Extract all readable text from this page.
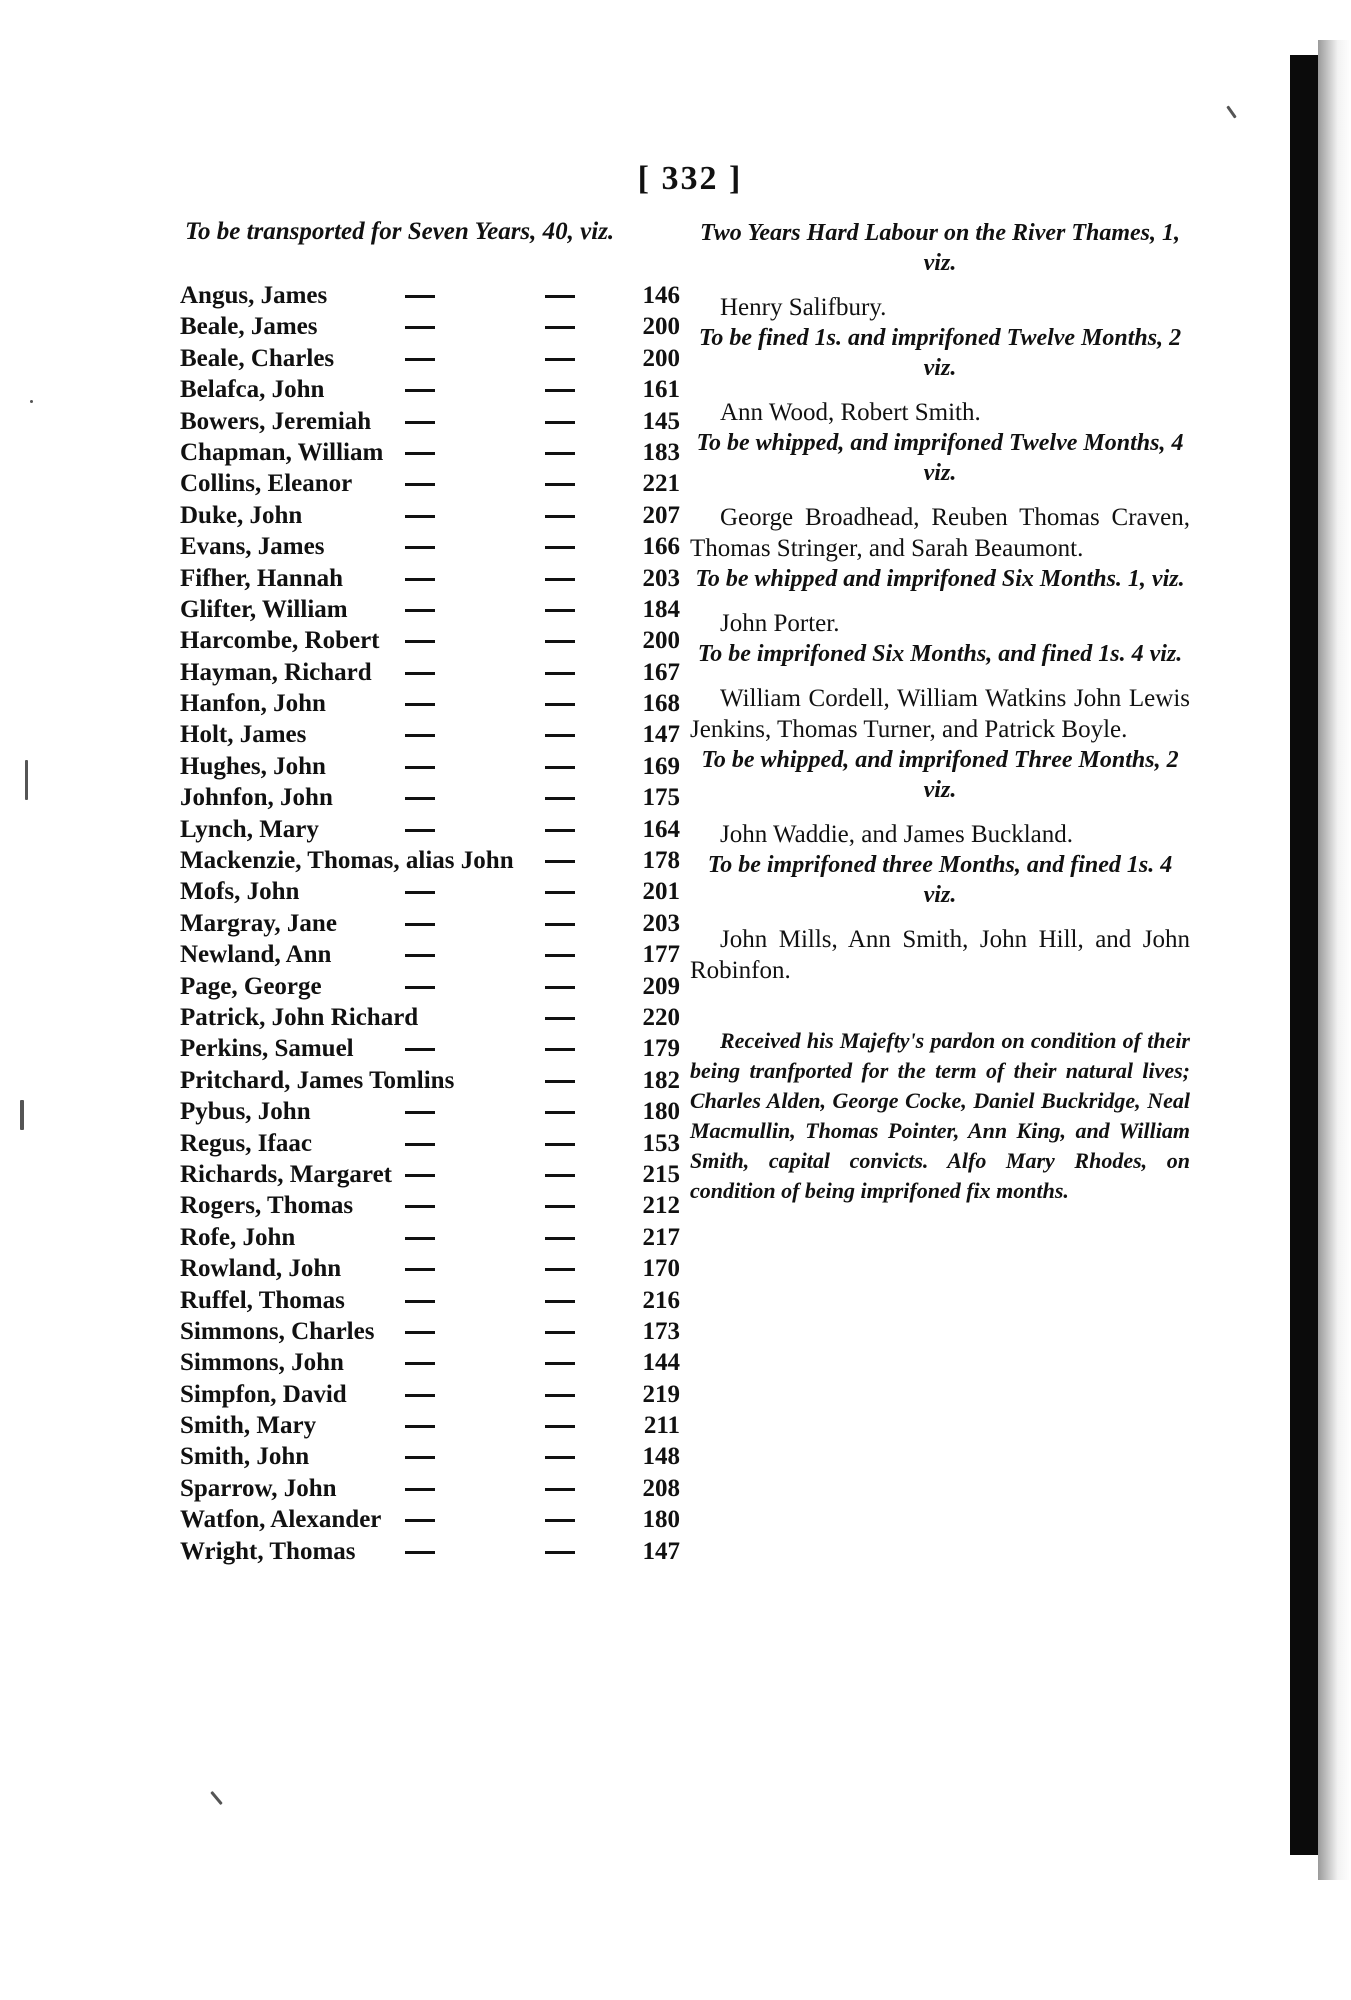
[ 332 ]
To be transported for Seven Years, 40, viz.
Angus, James	146
Beale, James	200
Beale, Charles	200
Belafca, John	161
Bowers, Jeremiah	145
Chapman, William	183
Collins, Eleanor	221
Duke, John	207
Evans, James	166
Fifher, Hannah	203
Glifter, William	184
Harcombe, Robert	200
Hayman, Richard	167
Hanfon, John	168
Holt, James	147
Hughes, John	169
Johnfon, John	175
Lynch, Mary	164
Mackenzie, Thomas, alias John	178
Mofs, John	201
Margray, Jane	203
Newland, Ann	177
Page, George	209
Patrick, John Richard	220
Perkins, Samuel	179
Pritchard, James Tomlins	182
Pybus, John	180
Regus, Ifaac	153
Richards, Margaret	215
Rogers, Thomas	212
Rofe, John	217
Rowland, John	170
Ruffel, Thomas	216
Simmons, Charles	173
Simmons, John	144
Simpfon, David	219
Smith, Mary	211
Smith, John	148
Sparrow, John	208
Watfon, Alexander	180
Wright, Thomas	147
Two Years Hard Labour on the River Thames, 1, viz.
Henry Salifbury.
To be fined 1s. and imprifoned Twelve Months, 2 viz.
Ann Wood, Robert Smith.
To be whipped, and imprifoned Twelve Months, 4 viz.
George Broadhead, Reuben Thomas Craven, Thomas Stringer, and Sarah Beaumont.
To be whipped and imprifoned Six Months. 1, viz.
John Porter.
To be imprifoned Six Months, and fined 1s. 4 viz.
William Cordell, William Watkins John Lewis Jenkins, Thomas Turner, and Patrick Boyle.
To be whipped, and imprifoned Three Months, 2 viz.
John Waddie, and James Buckland.
To be imprifoned three Months, and fined 1s. 4 viz.
John Mills, Ann Smith, John Hill, and John Robinfon.
Received his Majefty's pardon on condition of their being tranfported for the term of their natural lives; Charles Alden, George Cocke, Daniel Buckridge, Neal Macmullin, Thomas Pointer, Ann King, and William Smith, capital convicts. Alfo Mary Rhodes, on condition of being imprifoned fix months.
